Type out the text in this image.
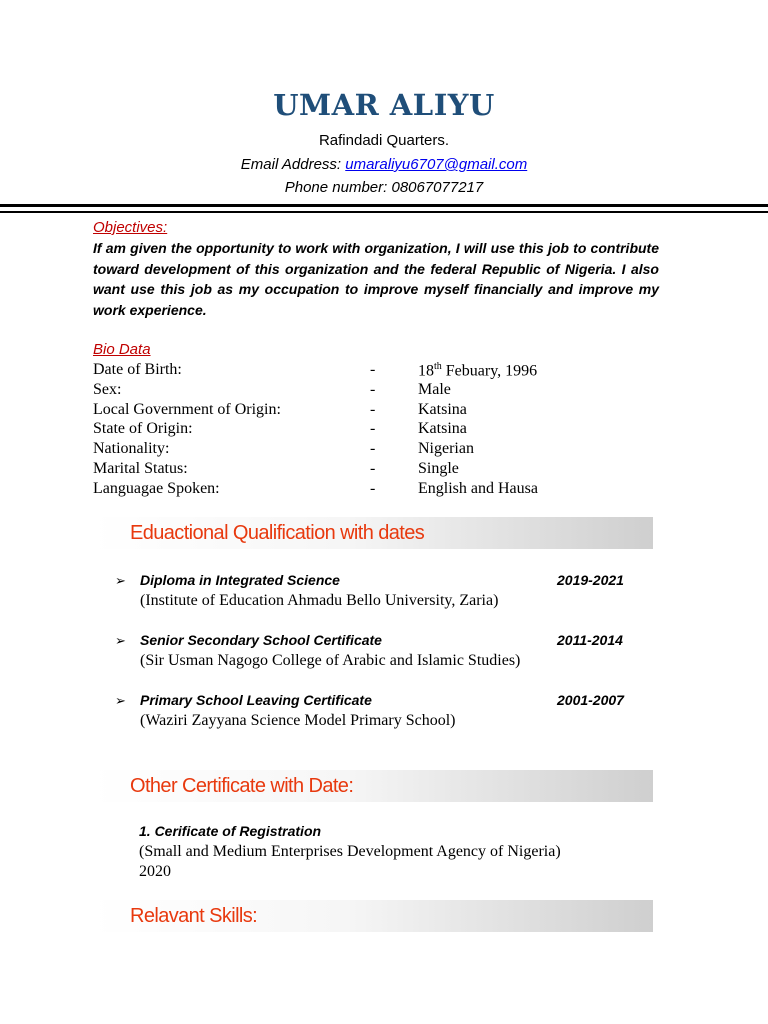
UMAR ALIYU
Rafindadi Quarters.
Email Address: umaraliyu6707@gmail.com
Phone number: 08067077217
Objectives:
If am given the opportunity to work with organization, I will use this job to contribute toward development of this organization and the federal Republic of Nigeria. I also want use this job as my occupation to improve myself financially and improve my work experience.
Bio Data
Date of Birth:	-	18th Febuary, 1996
Sex:	-	Male
Local Government of Origin:	-	Katsina
State of Origin:	-	Katsina
Nationality:	-	Nigerian
Marital Status:	-	Single
Languagae Spoken:	-	English and Hausa
Eduactional Qualification with dates
➢ Diploma in Integrated Science	2019-2021
(Institute of Education Ahmadu Bello University, Zaria)
➢ Senior Secondary School Certificate	2011-2014
(Sir Usman Nagogo College of Arabic and Islamic Studies)
➢ Primary School Leaving Certificate	2001-2007
(Waziri Zayyana Science Model Primary School)
Other Certificate with Date:
1. Cerificate of Registration
(Small and Medium Enterprises Development Agency of Nigeria)
2020
Relavant Skills:
